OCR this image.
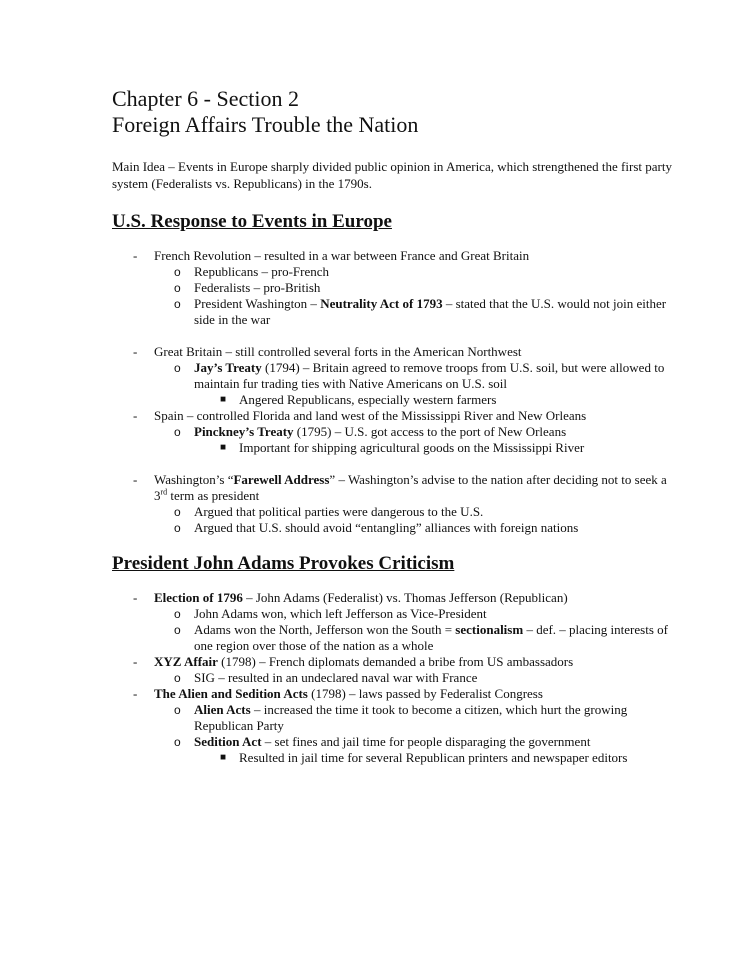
Chapter 6 - Section 2
Foreign Affairs Trouble the Nation

Main Idea – Events in Europe sharply divided public opinion in America, which strengthened the first party system (Federalists vs. Republicans) in the 1790s.

U.S. Response to Events in Europe
- French Revolution – resulted in a war between France and Great Britain
o Republicans – pro-French
o Federalists – pro-British
o President Washington – Neutrality Act of 1793 – stated that the U.S. would not join either side in the war
- Great Britain – still controlled several forts in the American Northwest
o Jay’s Treaty (1794) – Britain agreed to remove troops from U.S. soil, but were allowed to maintain fur trading ties with Native Americans on U.S. soil
■ Angered Republicans, especially western farmers
- Spain – controlled Florida and land west of the Mississippi River and New Orleans
o Pinckney’s Treaty (1795) – U.S. got access to the port of New Orleans
■ Important for shipping agricultural goods on the Mississippi River
- Washington’s “Farewell Address” – Washington’s advise to the nation after deciding not to seek a 3rd term as president
o Argued that political parties were dangerous to the U.S.
o Argued that U.S. should avoid “entangling” alliances with foreign nations
President John Adams Provokes Criticism
- Election of 1796 – John Adams (Federalist) vs. Thomas Jefferson (Republican)
o John Adams won, which left Jefferson as Vice-President
o Adams won the North, Jefferson won the South = sectionalism – def. – placing interests of one region over those of the nation as a whole
- XYZ Affair (1798) – French diplomats demanded a bribe from US ambassadors
o SIG – resulted in an undeclared naval war with France
- The Alien and Sedition Acts (1798) – laws passed by Federalist Congress
o Alien Acts – increased the time it took to become a citizen, which hurt the growing Republican Party
o Sedition Act – set fines and jail time for people disparaging the government
■ Resulted in jail time for several Republican printers and newspaper editors
